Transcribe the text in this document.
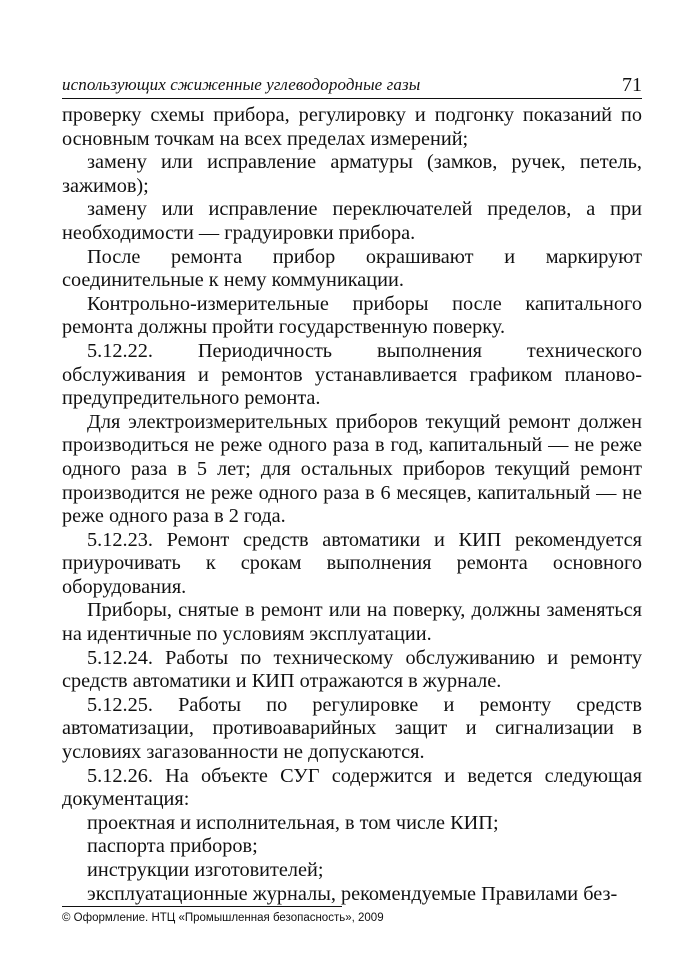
использующих сжиженные углеводородные газы	71

проверку схемы прибора, регулировку и подгонку показаний по основным точкам на всех пределах измерений;

замену или исправление арматуры (замков, ручек, петель, зажимов);

замену или исправление переключателей пределов, а при необходимости — градуировки прибора.

После ремонта прибор окрашивают и маркируют соединительные к нему коммуникации.

Контрольно-измерительные приборы после капитального ремонта должны пройти государственную поверку.

5.12.22. Периодичность выполнения технического обслуживания и ремонтов устанавливается графиком планово-предупредительного ремонта.

Для электроизмерительных приборов текущий ремонт должен производиться не реже одного раза в год, капитальный — не реже одного раза в 5 лет; для остальных приборов текущий ремонт производится не реже одного раза в 6 месяцев, капитальный — не реже одного раза в 2 года.

5.12.23. Ремонт средств автоматики и КИП рекомендуется приурочивать к срокам выполнения ремонта основного оборудования.

Приборы, снятые в ремонт или на поверку, должны заменяться на идентичные по условиям эксплуатации.

5.12.24. Работы по техническому обслуживанию и ремонту средств автоматики и КИП отражаются в журнале.

5.12.25. Работы по регулировке и ремонту средств автоматизации, противоаварийных защит и сигнализации в условиях загазованности не допускаются.

5.12.26. На объекте СУГ содержится и ведется следующая документация:

проектная и исполнительная, в том числе КИП;

паспорта приборов;

инструкции изготовителей;

эксплуатационные журналы, рекомендуемые Правилами без-

© Оформление. НТЦ «Промышленная безопасность», 2009
